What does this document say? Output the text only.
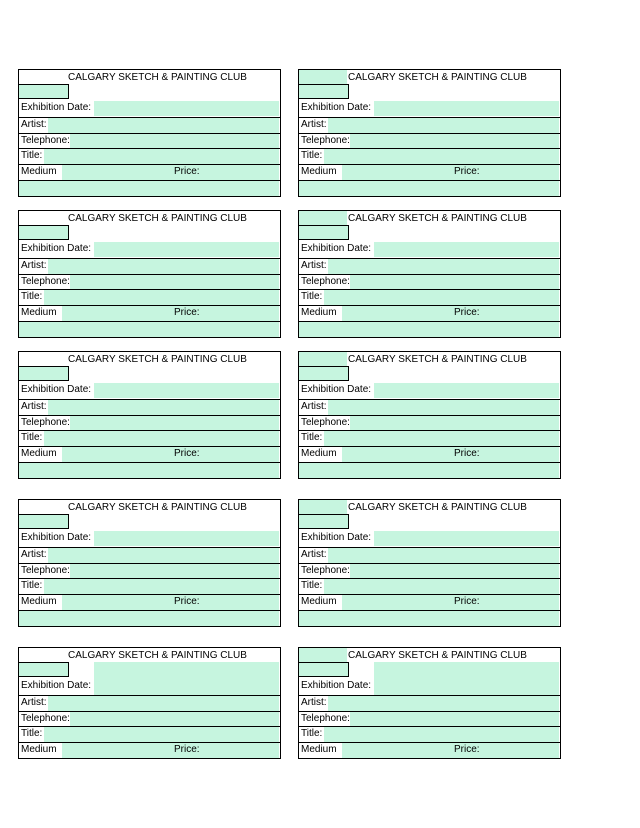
CALGARY SKETCH & PAINTING CLUB
Exhibition Date:
Artist:
Telephone:
Title:
Medium	Price:
CALGARY SKETCH & PAINTING CLUB
Exhibition Date:
Artist:
Telephone:
Title:
Medium	Price:
CALGARY SKETCH & PAINTING CLUB
Exhibition Date:
Artist:
Telephone:
Title:
Medium	Price:
CALGARY SKETCH & PAINTING CLUB
Exhibition Date:
Artist:
Telephone:
Title:
Medium	Price:
CALGARY SKETCH & PAINTING CLUB
Exhibition Date:
Artist:
Telephone:
Title:
Medium	Price:
CALGARY SKETCH & PAINTING CLUB
Exhibition Date:
Artist:
Telephone:
Title:
Medium	Price:
CALGARY SKETCH & PAINTING CLUB
Exhibition Date:
Artist:
Telephone:
Title:
Medium	Price:
CALGARY SKETCH & PAINTING CLUB
Exhibition Date:
Artist:
Telephone:
Title:
Medium	Price:
CALGARY SKETCH & PAINTING CLUB
Exhibition Date:
Artist:
Telephone:
Title:
Medium	Price:
CALGARY SKETCH & PAINTING CLUB
Exhibition Date:
Artist:
Telephone:
Title:
Medium	Price:
